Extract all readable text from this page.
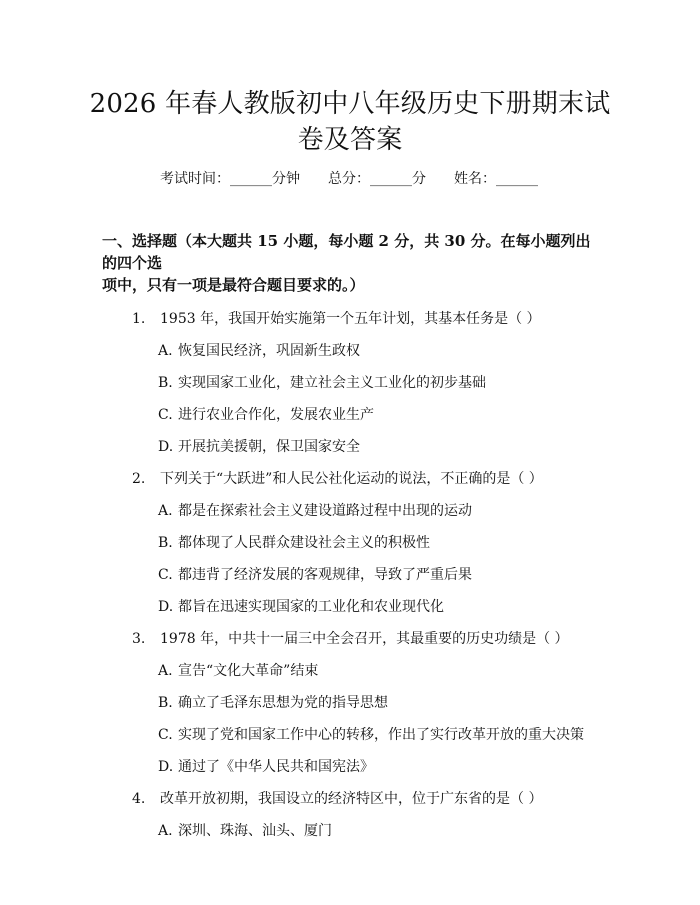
2026 年春人教版初中八年级历史下册期末试
卷及答案
考试时间：______分钟 总分：______分 姓名：______
一、选择题（本大题共 15 小题，每小题 2 分，共 30 分。在每小题列出的四个选
项中，只有一项是最符合题目要求的。）
1. 1953 年，我国开始实施第一个五年计划，其基本任务是（ ）
A. 恢复国民经济，巩固新生政权
B. 实现国家工业化，建立社会主义工业化的初步基础
C. 进行农业合作化，发展农业生产
D. 开展抗美援朝，保卫国家安全
2. 下列关于“大跃进”和人民公社化运动的说法，不正确的是（ ）
A. 都是在探索社会主义建设道路过程中出现的运动
B. 都体现了人民群众建设社会主义的积极性
C. 都违背了经济发展的客观规律，导致了严重后果
D. 都旨在迅速实现国家的工业化和农业现代化
3. 1978 年，中共十一届三中全会召开，其最重要的历史功绩是（ ）
A. 宣告“文化大革命”结束
B. 确立了毛泽东思想为党的指导思想
C. 实现了党和国家工作中心的转移，作出了实行改革开放的重大决策
D. 通过了《中华人民共和国宪法》
4. 改革开放初期，我国设立的经济特区中，位于广东省的是（ ）
A. 深圳、珠海、汕头、厦门
